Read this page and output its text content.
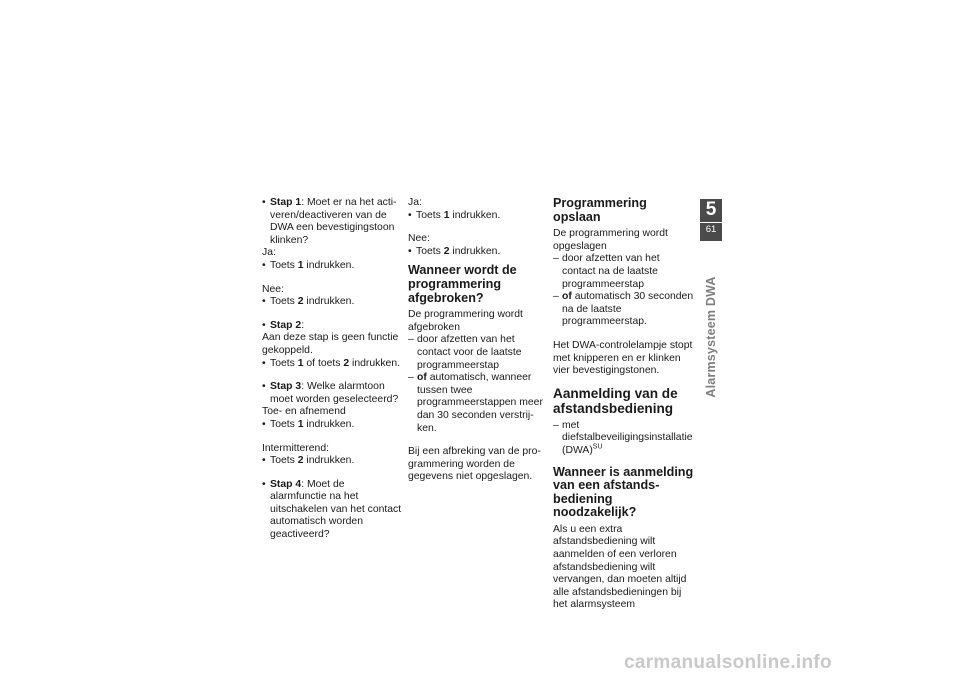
• Stap 1: Moet er na het activeren/deactiveren van de DWA een bevestigingstoon klinken?

Ja:

• Toets 1 indrukken.

Nee:

• Toets 2 indrukken.

• Stap 2:

Aan deze stap is geen functie gekoppeld.

• Toets 1 of toets 2 indrukken.

• Stap 3: Welke alarmtoon moet worden geselecteerd?

Toe- en afnemend

• Toets 1 indrukken.

Intermitterend:

• Toets 2 indrukken.

• Stap 4: Moet de alarmfunctie na het uitschakelen van het contact automatisch worden geactiveerd?

Ja:

• Toets 1 indrukken.

Nee:

• Toets 2 indrukken.

Wanneer wordt de programmering afgebroken?

De programmering wordt afgebroken

– door afzetten van het contact voor de laatste programmeerstap

– of automatisch, wanneer tussen twee programmeerstappen meer dan 30 seconden verstrijken.

Bij een afbreking van de programmering worden de gegevens niet opgeslagen.

Programmering opslaan

De programmering wordt opgeslagen

– door afzetten van het contact na de laatste programmeerstap

– of automatisch 30 seconden na de laatste programmeerstap.

Het DWA-controlelampje stopt met knipperen en er klinken vier bevestigingstonen.

Aanmelding van de afstandsbediening

– met diefstalbeveiligingsinstallatie (DWA)$^{SU}$

Wanneer is aanmelding van een afstandsbediening noodzakelijk?

Als u een extra afstandsbediening wilt aanmelden of een verloren afstandsbediening wilt vervangen, dan moeten altijd alle afstandsbedieningen bij het alarmsysteem

5
61
Alarmsysteem DWA
carmanualsonline.info
